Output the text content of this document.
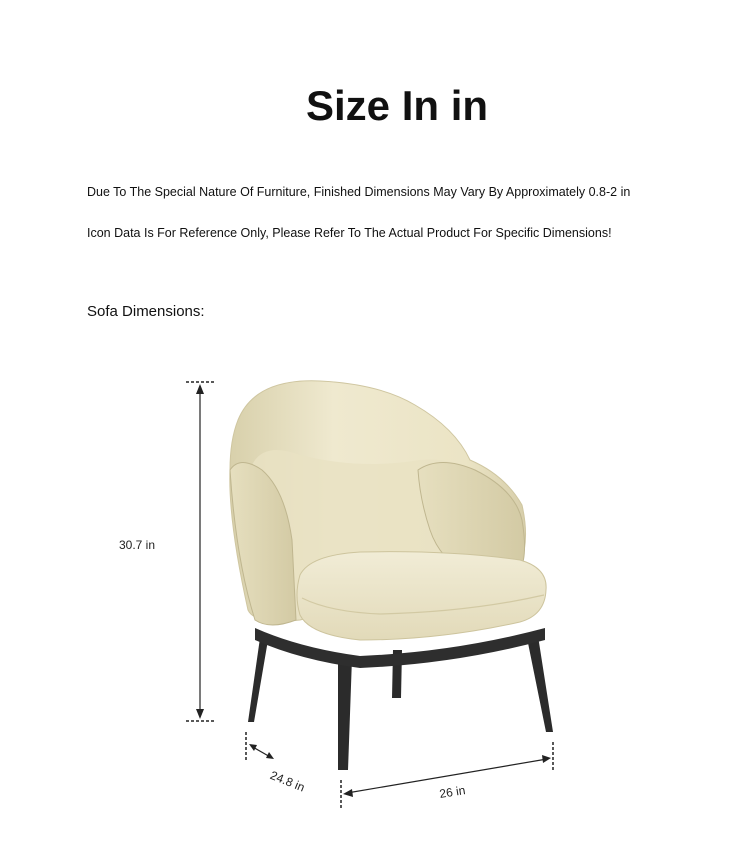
Size In in
Due To The Special Nature Of Furniture, Finished Dimensions May Vary By Approximately 0.8-2 in
Icon Data Is For Reference Only, Please Refer To The Actual Product For Specific Dimensions!
Sofa Dimensions:
30.7 in
24.8 in	26 in
